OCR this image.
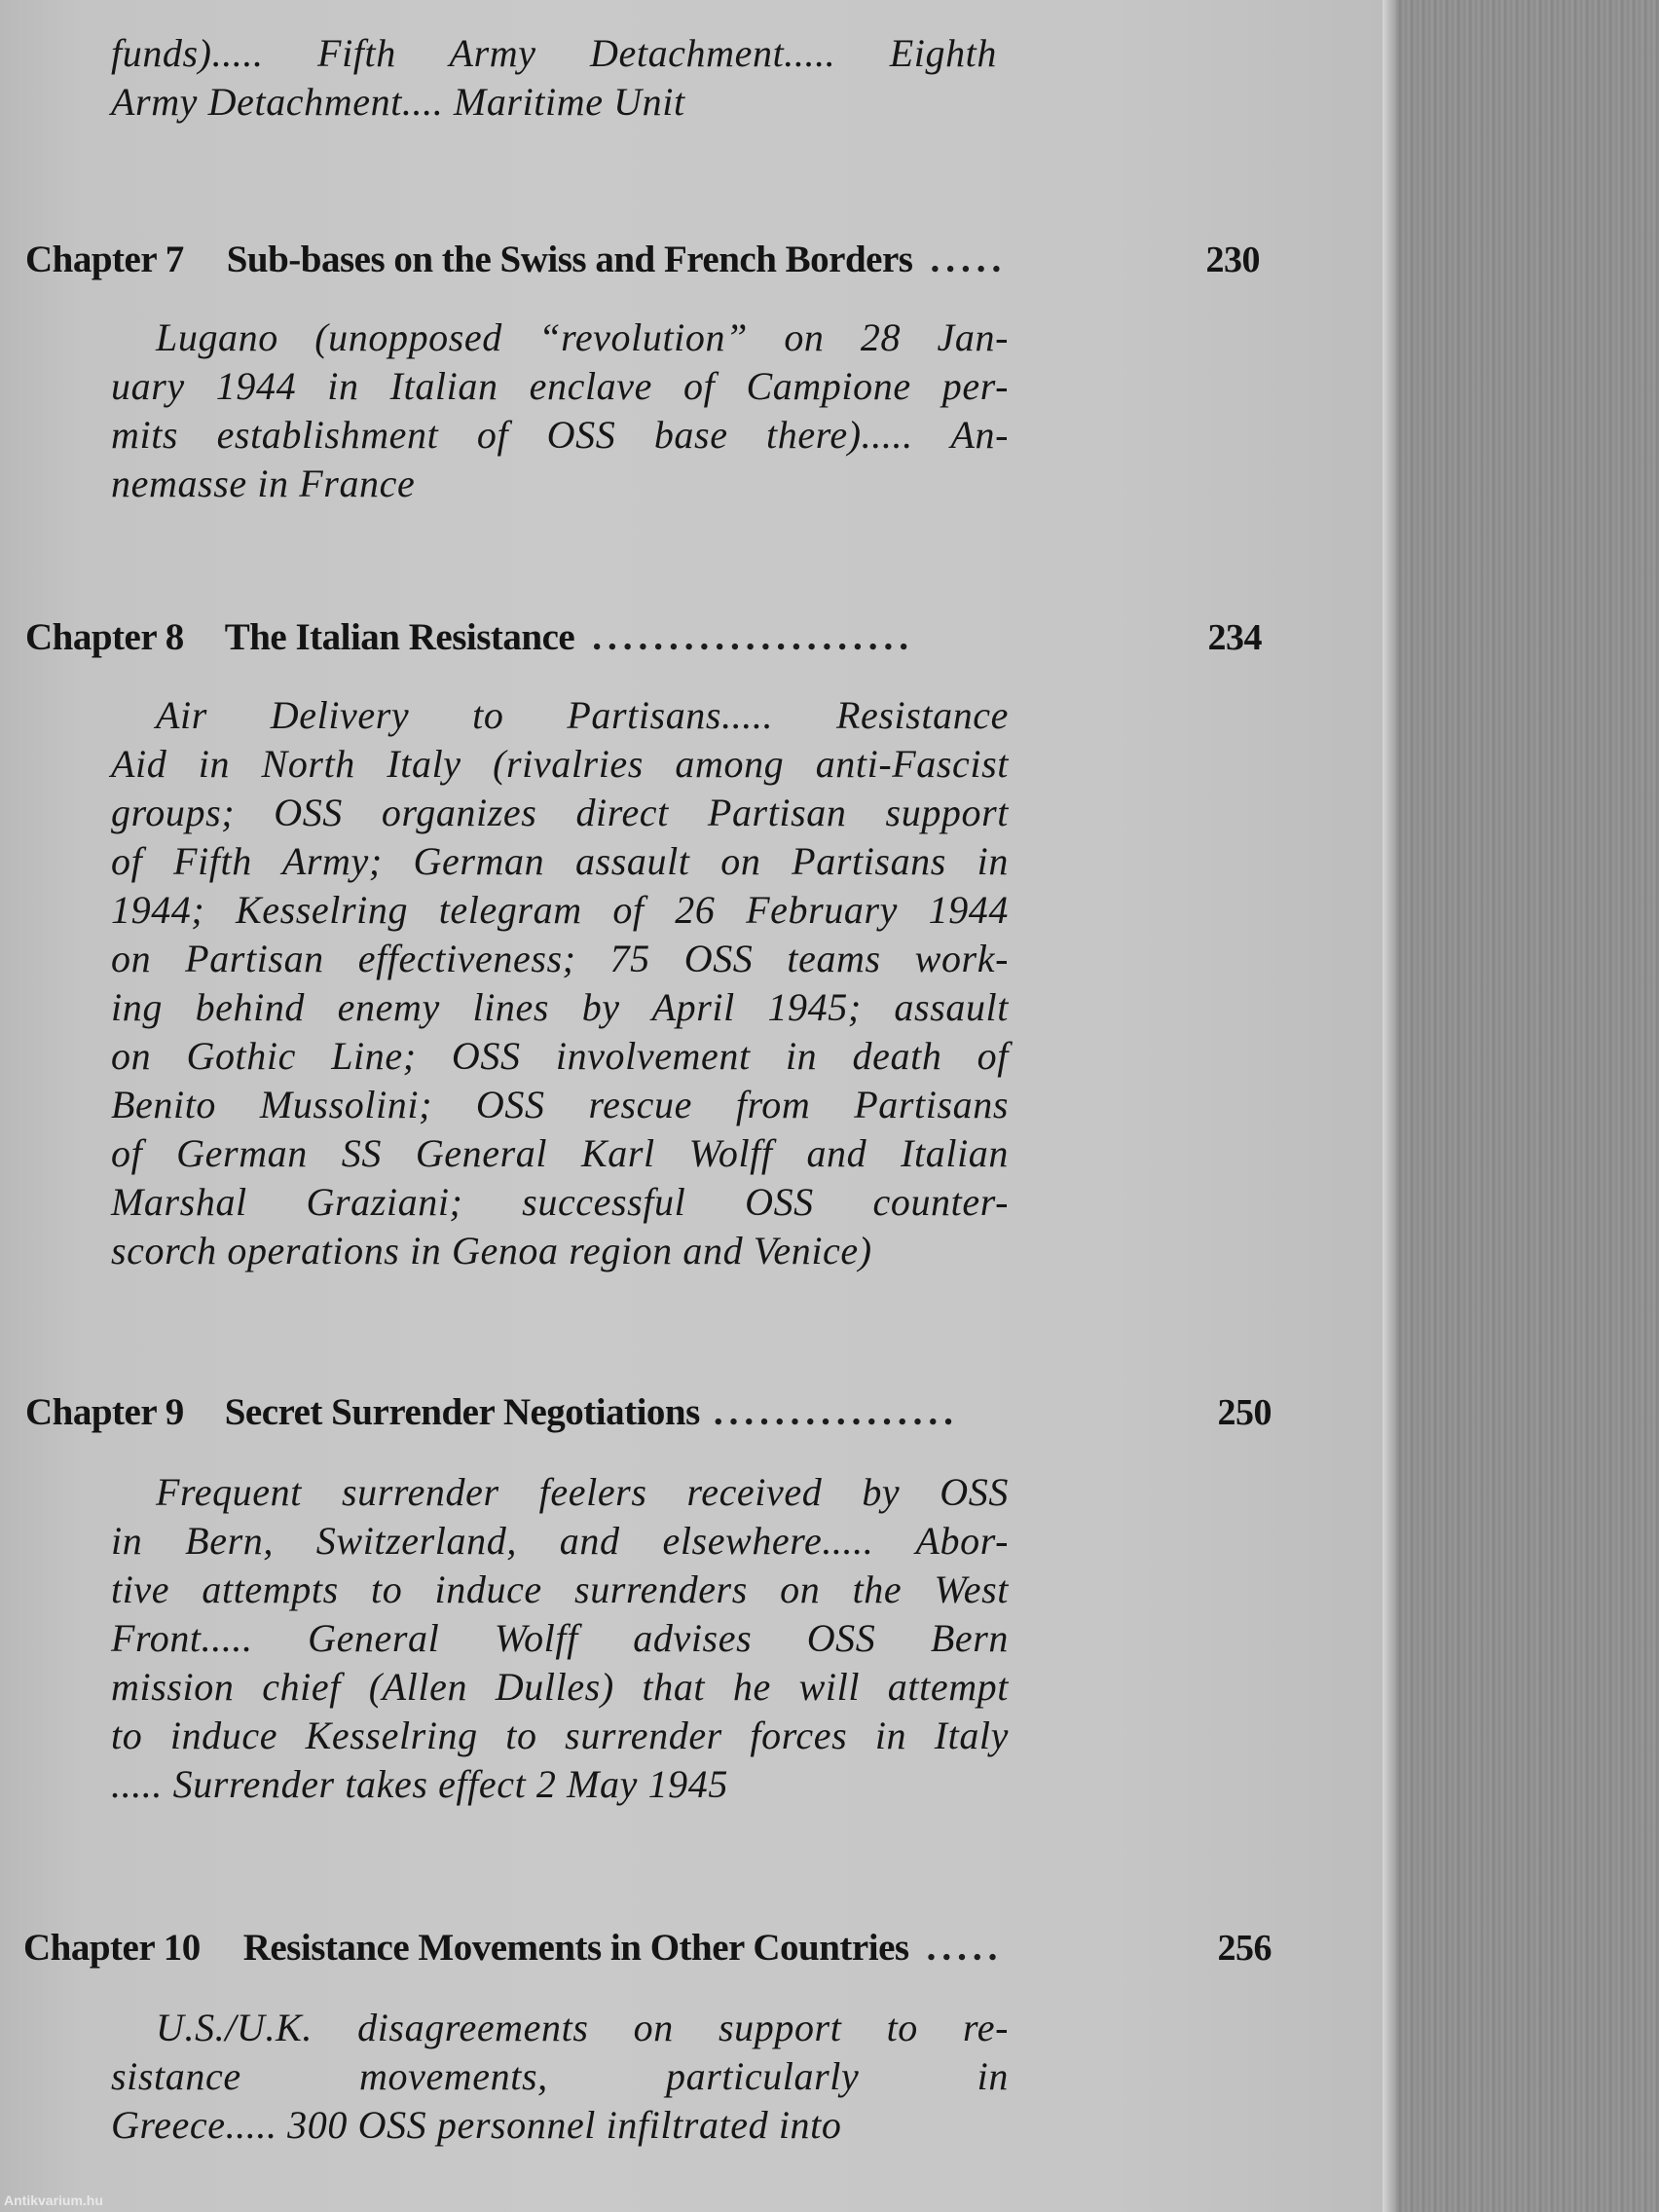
funds)..... Fifth Army Detachment..... Eighth
Army Detachment.... Maritime Unit
Chapter 7 Sub-bases on the Swiss and French Borders .....	230
Lugano (unopposed “revolution” on 28 Jan-
uary 1944 in Italian enclave of Campione per-
mits establishment of OSS base there)..... An-
nemasse in France
Chapter 8 The Italian Resistance .....................	234
Air Delivery to Partisans..... Resistance
Aid in North Italy (rivalries among anti-Fascist
groups; OSS organizes direct Partisan support
of Fifth Army; German assault on Partisans in
1944; Kesselring telegram of 26 February 1944
on Partisan effectiveness; 75 OSS teams work-
ing behind enemy lines by April 1945; assault
on Gothic Line; OSS involvement in death of
Benito Mussolini; OSS rescue from Partisans
of German SS General Karl Wolff and Italian
Marshal Graziani; successful OSS counter-
scorch operations in Genoa region and Venice)
Chapter 9 Secret Surrender Negotiations ................	250
Frequent surrender feelers received by OSS
in Bern, Switzerland, and elsewhere..... Abor-
tive attempts to induce surrenders on the West
Front..... General Wolff advises OSS Bern
mission chief (Allen Dulles) that he will attempt
to induce Kesselring to surrender forces in Italy
..... Surrender takes effect 2 May 1945
Chapter 10 Resistance Movements in Other Countries .....	256
U.S./U.K. disagreements on support to re-
sistance movements, particularly in
Greece..... 300 OSS personnel infiltrated into
Antikvarium.hu
